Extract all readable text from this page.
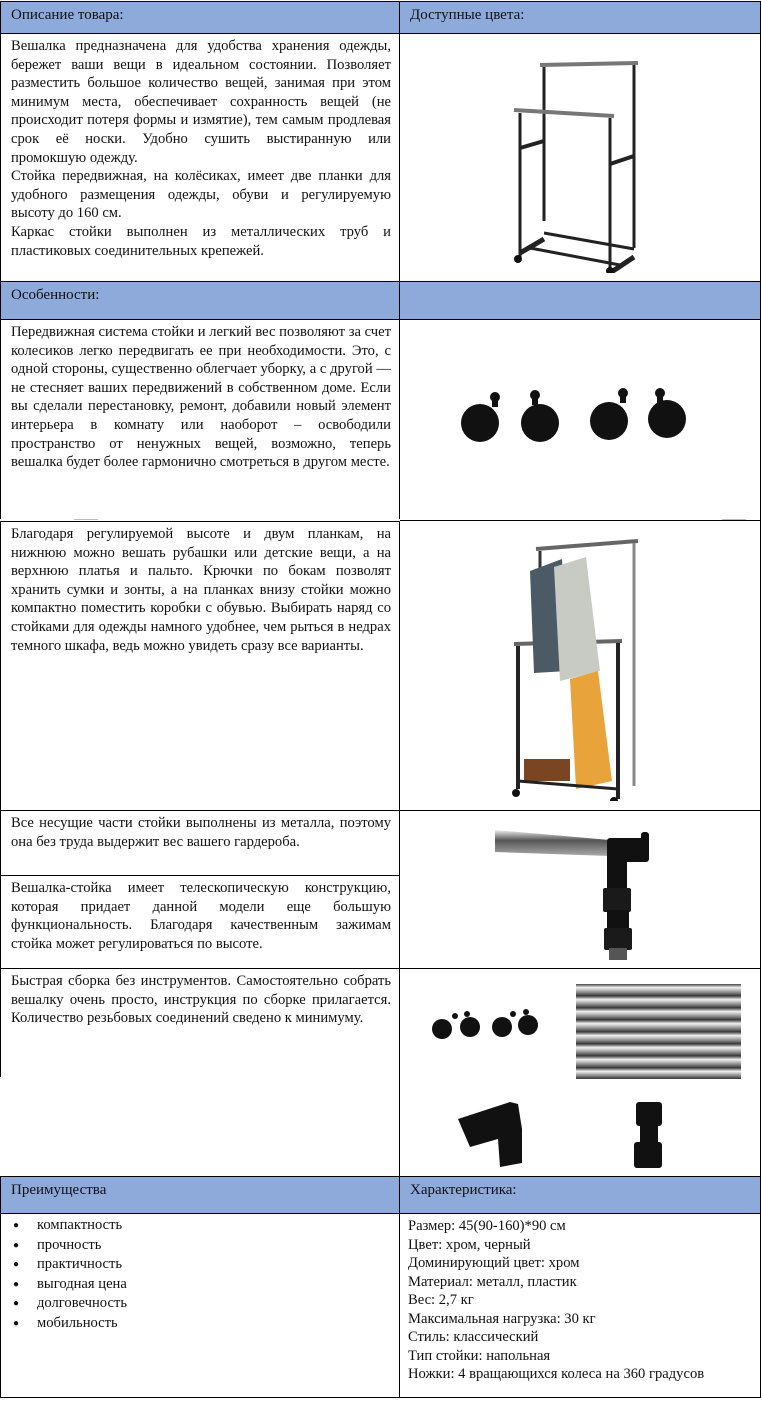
Описание товара:	Доступные цвета:

Вешалка предназначена для удобства хранения одежды, бережет ваши вещи в идеальном состоянии. Позволяет разместить большое количество вещей, занимая при этом минимум места, обеспечивает сохранность вещей (не происходит потеря формы и измятие), тем самым продлевая срок её носки. Удобно сушить выстиранную или промокшую одежду.

Стойка передвижная, на колёсиках, имеет две планки для удобного размещения одежды, обуви и регулируемую высоту до 160 см.

Каркас стойки выполнен из металлических труб и пластиковых соединительных крепежей.

Особенности:

Передвижная система стойки и легкий вес позволяют за счет колесиков легко передвигать ее при необходимости. Это, с одной стороны, существенно облегчает уборку, а с другой — не стесняет ваших передвижений в собственном доме. Если вы сделали перестановку, ремонт, добавили новый элемент интерьера в комнату или наоборот – освободили пространство от ненужных вещей, возможно, теперь вешалка будет более гармонично смотреться в другом месте.

Благодаря регулируемой высоте и двум планкам, на нижнюю можно вешать рубашки или детские вещи, а на верхнюю платья и пальто. Крючки по бокам позволят хранить сумки и зонты, а на планках внизу стойки можно компактно поместить коробки с обувью. Выбирать наряд со стойками для одежды намного удобнее, чем рыться в недрах темного шкафа, ведь можно увидеть сразу все варианты.

Все несущие части стойки выполнены из металла, поэтому она без труда выдержит вес вашего гардероба.

Вешалка-стойка имеет телескопическую конструкцию, которая придает данной модели еще большую функциональность. Благодаря качественным зажимам стойка может регулироваться по высоте.

Быстрая сборка без инструментов. Самостоятельно собрать вешалку очень просто, инструкция по сборке прилагается. Количество резьбовых соединений сведено к минимуму.

Преимущества	Характеристика:
● компактность
● прочность
● практичность
● выгодная цена
● долговечность
● мобильность
Размер: 45(90-160)*90 см
Цвет: хром, черный
Доминирующий цвет: хром
Материал: металл, пластик
Вес: 2,7 кг
Максимальная нагрузка: 30 кг
Стиль: классический
Тип стойки: напольная
Ножки: 4 вращающихся колеса на 360 градусов
